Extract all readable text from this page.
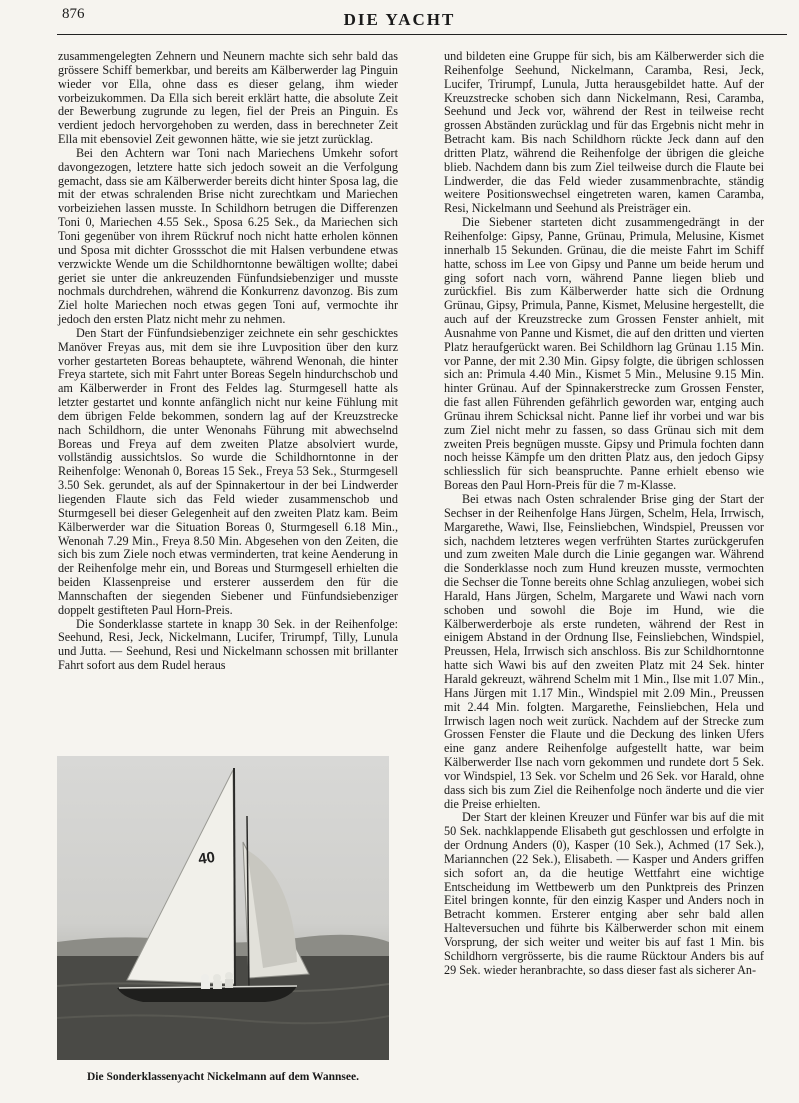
876	DIE YACHT

zusammengelegten Zehnern und Neunern machte sich sehr bald das grössere Schiff bemerkbar, und bereits am Kälberwerder lag Pinguin wieder vor Ella, ohne dass es dieser gelang, ihm wieder vorbeizukommen. Da Ella sich bereit erklärt hatte, die absolute Zeit der Bewerbung zugrunde zu legen, fiel der Preis an Pinguin. Es verdient jedoch hervorgehoben zu werden, dass in berechneter Zeit Ella mit ebensoviel Zeit gewonnen hätte, wie sie jetzt zurücklag.

Bei den Achtern war Toni nach Mariechens Umkehr sofort davongezogen, letztere hatte sich jedoch soweit an die Verfolgung gemacht, dass sie am Kälberwerder bereits dicht hinter Sposa lag, die mit der etwas schralenden Brise nicht zurechtkam und Mariechen vorbeiziehen lassen musste. In Schildhorn betrugen die Differenzen Toni 0, Mariechen 4.55 Sek., Sposa 6.25 Sek., da Mariechen sich Toni gegenüber von ihrem Rückruf noch nicht hatte erholen können und Sposa mit dichter Grossschot die mit Halsen verbundene etwas verzwickte Wende um die Schildhorntonne bewältigen wollte; dabei geriet sie unter die ankreuzenden Fünfundsiebenziger und musste nochmals durchdrehen, während die Konkurrenz davonzog. Bis zum Ziel holte Mariechen noch etwas gegen Toni auf, vermochte ihr jedoch den ersten Platz nicht mehr zu nehmen.

Den Start der Fünfundsiebenziger zeichnete ein sehr geschicktes Manöver Freyas aus, mit dem sie ihre Luvposition über den kurz vorher gestarteten Boreas behauptete, während Wenonah, die hinter Freya startete, sich mit Fahrt unter Boreas Segeln hindurchschob und am Kälberwerder in Front des Feldes lag. Sturmgesell hatte als letzter gestartet und konnte anfänglich nicht nur keine Fühlung mit dem übrigen Felde bekommen, sondern lag auf der Kreuzstrecke nach Schildhorn, die unter Wenonahs Führung mit abwechselnd Boreas und Freya auf dem zweiten Platze absolviert wurde, vollständig aussichtslos. So wurde die Schildhorntonne in der Reihenfolge: Wenonah 0, Boreas 15 Sek., Freya 53 Sek., Sturmgesell 3.50 Sek. gerundet, als auf der Spinnakertour in der bei Lindwerder liegenden Flaute sich das Feld wieder zusammenschob und Sturmgesell bei dieser Gelegenheit auf den zweiten Platz kam. Beim Kälberwerder war die Situation Boreas 0, Sturmgesell 6.18 Min., Wenonah 7.29 Min., Freya 8.50 Min. Abgesehen von den Zeiten, die sich bis zum Ziele noch etwas verminderten, trat keine Aenderung in der Reihenfolge mehr ein, und Boreas und Sturmgesell erhielten die beiden Klassenpreise und ersterer ausserdem den für die Mannschaften der siegenden Siebener und Fünfundsiebenziger doppelt gestifteten Paul Horn-Preis.

Die Sonderklasse startete in knapp 30 Sek. in der Reihenfolge: Seehund, Resi, Jeck, Nickelmann, Lucifer, Trirumpf, Tilly, Lunula und Jutta. — Seehund, Resi und Nickelmann schossen mit brillanter Fahrt sofort aus dem Rudel heraus

40
Die Sonderklassenyacht Nickelmann auf dem Wannsee.

und bildeten eine Gruppe für sich, bis am Kälberwerder sich die Reihenfolge Seehund, Nickelmann, Caramba, Resi, Jeck, Lucifer, Trirumpf, Lunula, Jutta herausgebildet hatte. Auf der Kreuzstrecke schoben sich dann Nickelmann, Resi, Caramba, Seehund und Jeck vor, während der Rest in teilweise recht grossen Abständen zurücklag und für das Ergebnis nicht mehr in Betracht kam. Bis nach Schildhorn rückte Jeck dann auf den dritten Platz, während die Reihenfolge der übrigen die gleiche blieb. Nachdem dann bis zum Ziel teilweise durch die Flaute bei Lindwerder, die das Feld wieder zusammenbrachte, ständig weitere Positionswechsel eingetreten waren, kamen Caramba, Resi, Nickelmann und Seehund als Preisträger ein.

Die Siebener starteten dicht zusammengedrängt in der Reihenfolge: Gipsy, Panne, Grünau, Primula, Melusine, Kismet innerhalb 15 Sekunden. Grünau, die die meiste Fahrt im Schiff hatte, schoss im Lee von Gipsy und Panne um beide herum und ging sofort nach vorn, während Panne liegen blieb und zurückfiel. Bis zum Kälberwerder hatte sich die Ordnung Grünau, Gipsy, Primula, Panne, Kismet, Melusine hergestellt, die auch auf der Kreuzstrecke zum Grossen Fenster anhielt, mit Ausnahme von Panne und Kismet, die auf den dritten und vierten Platz heraufgerückt waren. Bei Schildhorn lag Grünau 1.15 Min. vor Panne, der mit 2.30 Min. Gipsy folgte, die übrigen schlossen sich an: Primula 4.40 Min., Kismet 5 Min., Melusine 9.15 Min. hinter Grünau. Auf der Spinnakerstrecke zum Grossen Fenster, die fast allen Führenden gefährlich geworden war, entging auch Grünau ihrem Schicksal nicht. Panne lief ihr vorbei und war bis zum Ziel nicht mehr zu fassen, so dass Grünau sich mit dem zweiten Preis begnügen musste. Gipsy und Primula fochten dann noch heisse Kämpfe um den dritten Platz aus, den jedoch Gipsy schliesslich für sich beanspruchte. Panne erhielt ebenso wie Boreas den Paul Horn-Preis für die 7 m-Klasse.

Bei etwas nach Osten schralender Brise ging der Start der Sechser in der Reihenfolge Hans Jürgen, Schelm, Hela, Irrwisch, Margarethe, Wawi, Ilse, Feinsliebchen, Windspiel, Preussen vor sich, nachdem letzteres wegen verfrühten Startes zurückgerufen und zum zweiten Male durch die Linie gegangen war. Während die Sonderklasse noch zum Hund kreuzen musste, vermochten die Sechser die Tonne bereits ohne Schlag anzuliegen, wobei sich Harald, Hans Jürgen, Schelm, Margarete und Wawi nach vorn schoben und sowohl die Boje im Hund, wie die Kälberwerderboje als erste rundeten, während der Rest in einigem Abstand in der Ordnung Ilse, Feinsliebchen, Windspiel, Preussen, Hela, Irrwisch sich anschloss. Bis zur Schildhorntonne hatte sich Wawi bis auf den zweiten Platz mit 24 Sek. hinter Harald gekreuzt, während Schelm mit 1 Min., Ilse mit 1.07 Min., Hans Jürgen mit 1.17 Min., Windspiel mit 2.09 Min., Preussen mit 2.44 Min. folgten. Margarethe, Feinsliebchen, Hela und Irrwisch lagen noch weit zurück. Nachdem auf der Strecke zum Grossen Fenster die Flaute und die Deckung des linken Ufers eine ganz andere Reihenfolge aufgestellt hatte, war beim Kälberwerder Ilse nach vorn gekommen und rundete dort 5 Sek. vor Windspiel, 13 Sek. vor Schelm und 26 Sek. vor Harald, ohne dass sich bis zum Ziel die Reihenfolge noch änderte und die vier die Preise erhielten.

Der Start der kleinen Kreuzer und Fünfer war bis auf die mit 50 Sek. nachklappende Elisabeth gut geschlossen und erfolgte in der Ordnung Anders (0), Kasper (10 Sek.), Achmed (17 Sek.), Mariannchen (22 Sek.), Elisabeth. — Kasper und Anders griffen sich sofort an, da die heutige Wettfahrt eine wichtige Entscheidung im Wettbewerb um den Punktpreis des Prinzen Eitel bringen konnte, für den einzig Kasper und Anders noch in Betracht kommen. Ersterer entging aber sehr bald allen Halteversuchen und führte bis Kälberwerder schon mit einem Vorsprung, der sich weiter und weiter bis auf fast 1 Min. bis Schildhorn vergrösserte, bis die raume Rücktour Anders bis auf 29 Sek. wieder heranbrachte, so dass dieser fast als sicherer An-
